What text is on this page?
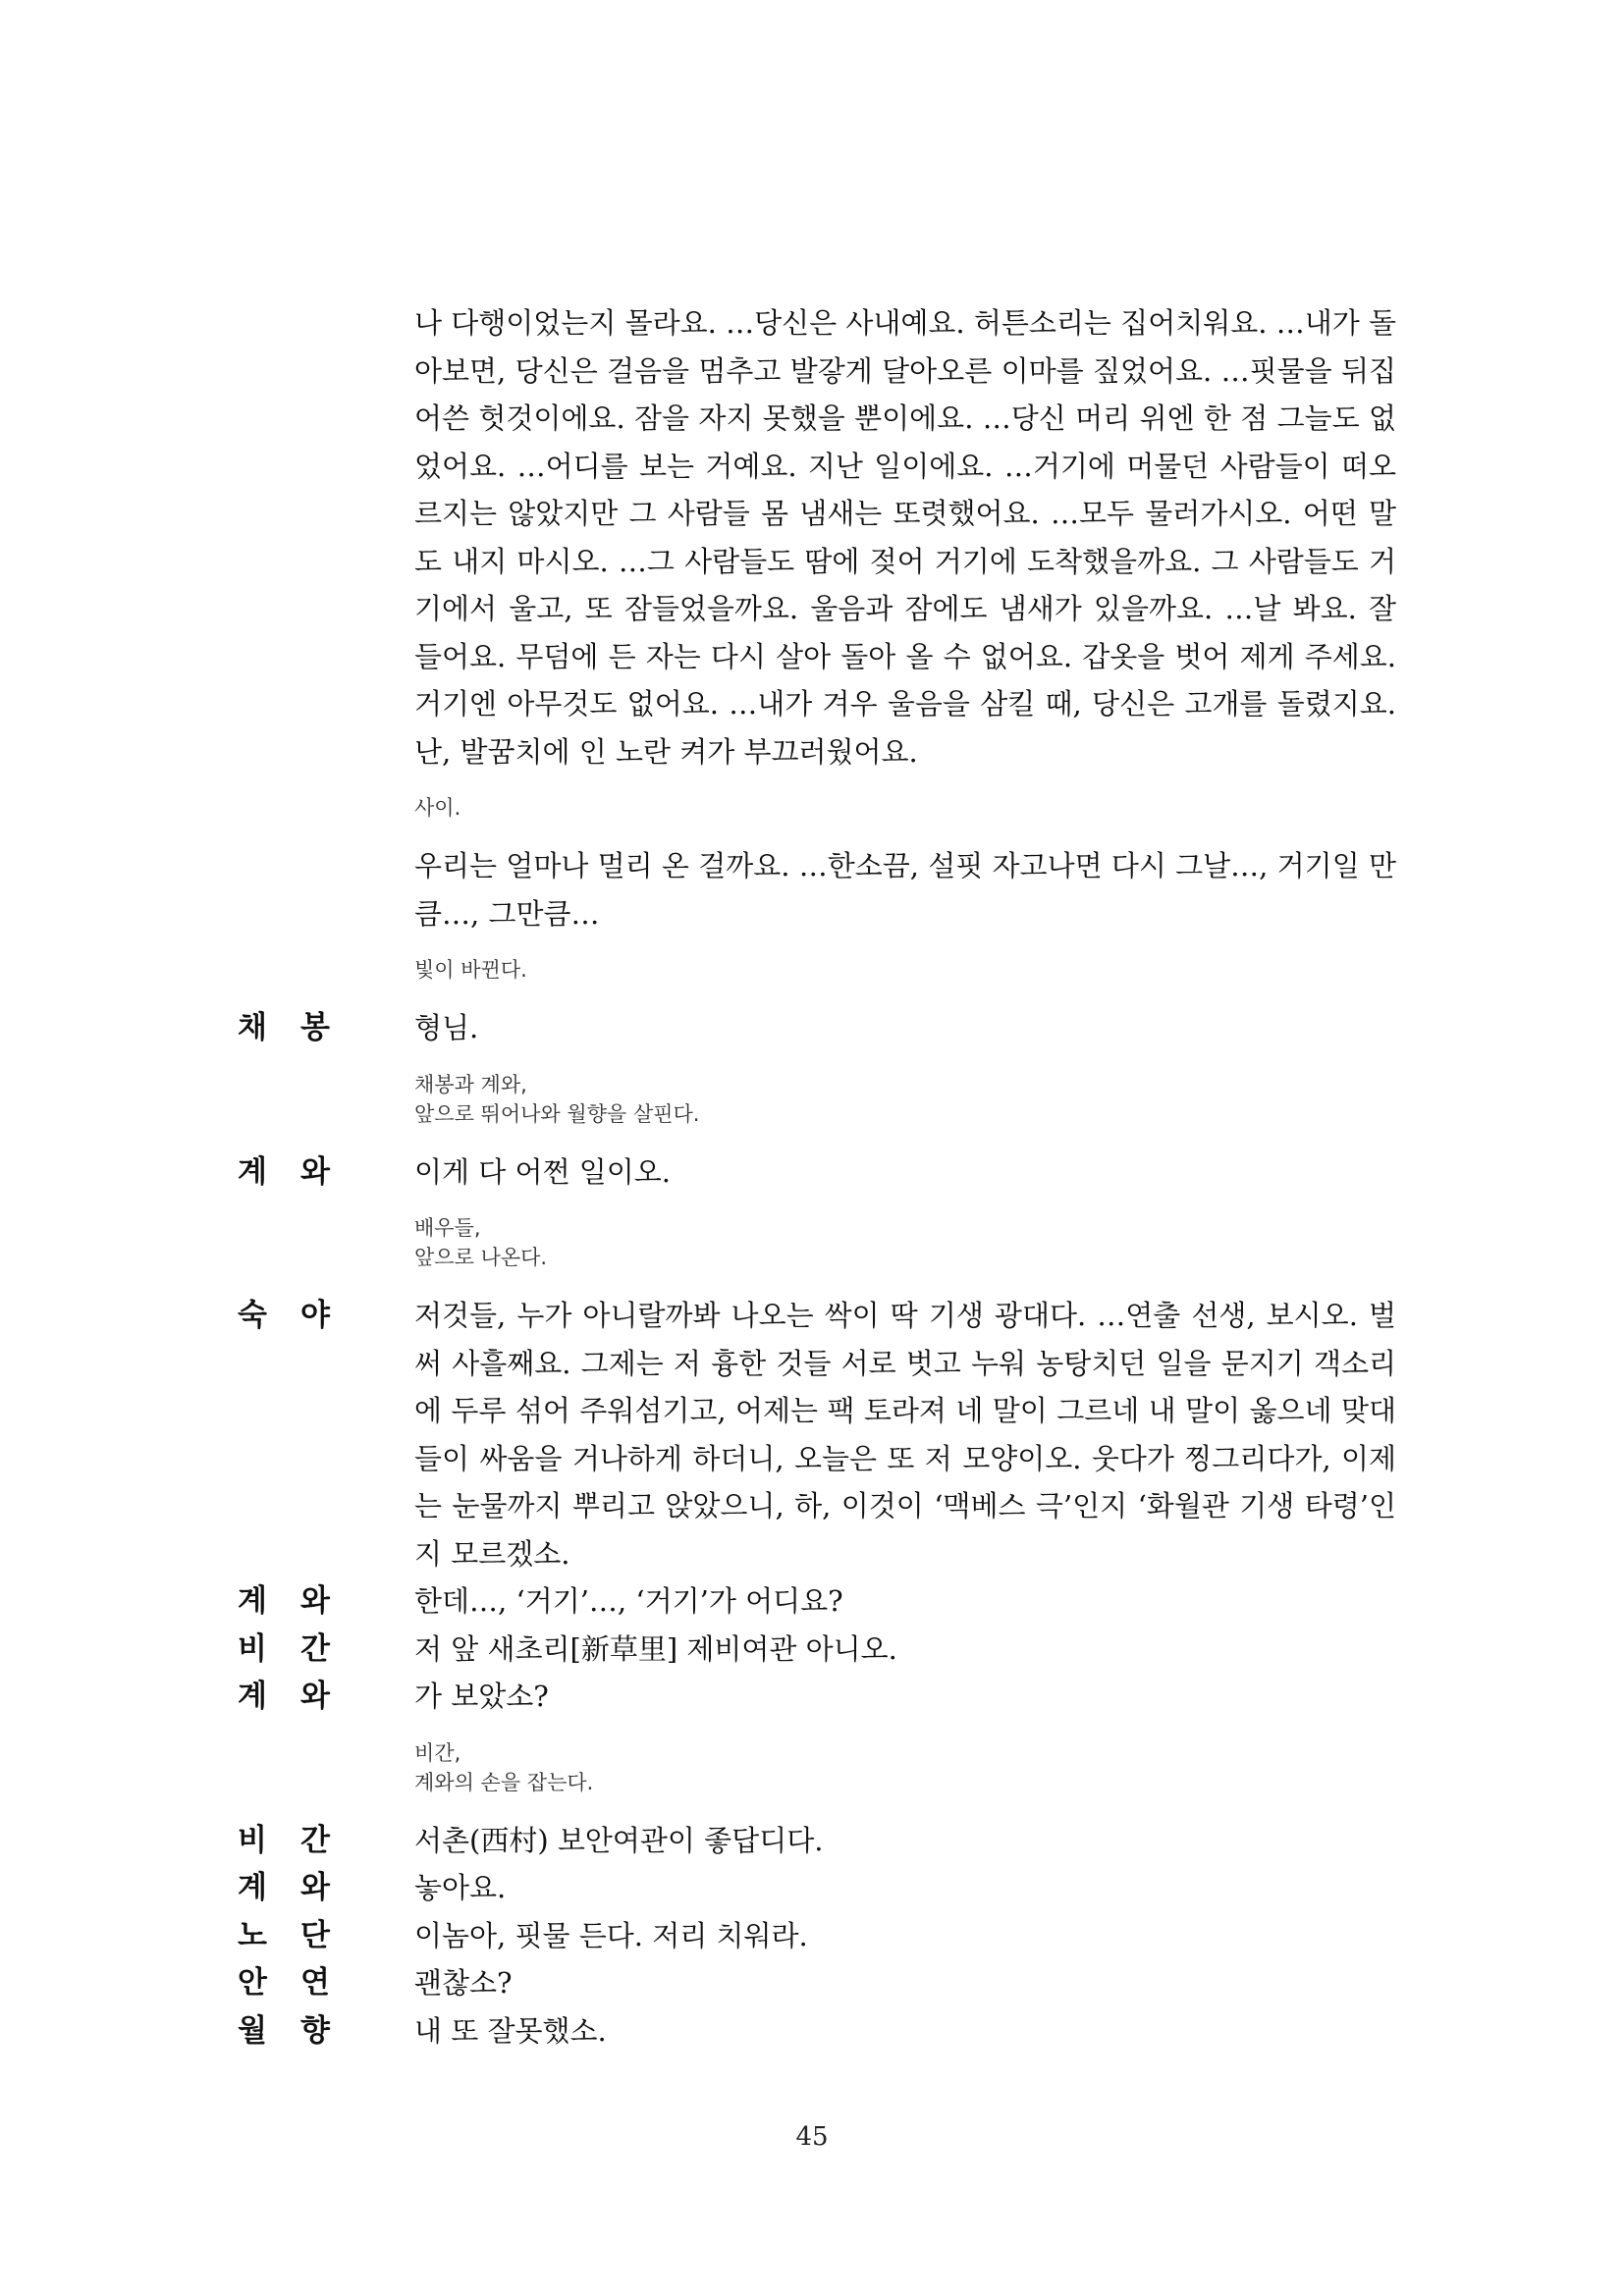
나 다행이었는지 몰라요. …당신은 사내예요. 허튼소리는 집어치워요. …내가 돌아보면, 당신은 걸음을 멈추고 발갛게 달아오른 이마를 짚었어요. …핏물을 뒤집어쓴 헛것이에요. 잠을 자지 못했을 뿐이에요. …당신 머리 위엔 한 점 그늘도 없었어요. …어디를 보는 거예요. 지난 일이에요. …거기에 머물던 사람들이 떠오르지는 않았지만 그 사람들 몸 냄새는 또렷했어요. …모두 물러가시오. 어떤 말도 내지 마시오. …그 사람들도 땀에 젖어 거기에 도착했을까요. 그 사람들도 거기에서 울고, 또 잠들었을까요. 울음과 잠에도 냄새가 있을까요. …날 봐요. 잘 들어요. 무덤에 든 자는 다시 살아 돌아 올 수 없어요. 갑옷을 벗어 제게 주세요. 거기엔 아무것도 없어요. …내가 겨우 울음을 삼킬 때, 당신은 고개를 돌렸지요. 난, 발꿈치에 인 노란 켜가 부끄러웠어요.

사이.

우리는 얼마나 멀리 온 걸까요. …한소끔, 설핏 자고나면 다시 그날…, 거기일 만큼…, 그만큼…

빛이 바뀐다.
채봉	형님.

채봉과 계와,
앞으로 뛰어나와 월향을 살핀다.
계와	이게 다 어쩐 일이오.

배우들,
앞으로 나온다.
숙야	저것들, 누가 아니랄까봐 나오는 싹이 딱 기생 광대다. …연출 선생, 보시오. 벌써 사흘째요. 그제는 저 흉한 것들 서로 벗고 누워 농탕치던 일을 문지기 객소리에 두루 섞어 주워섬기고, 어제는 팩 토라져 네 말이 그르네 내 말이 옳으네 맞대들이 싸움을 거나하게 하더니, 오늘은 또 저 모양이오. 웃다가 찡그리다가, 이제는 눈물까지 뿌리고 앉았으니, 하, 이것이 ‘맥베스 극’인지 ‘화월관 기생 타령’인지 모르겠소.

계와	한데…, ‘거기’…, ‘거기’가 어디요?

비간	저 앞 새초리[新草里] 제비여관 아니오.

계와	가 보았소?

비간,
계와의 손을 잡는다.
비간	서촌(西村) 보안여관이 좋답디다.

계와	놓아요.

노단	이놈아, 핏물 든다. 저리 치워라.

안연	괜찮소?

월향	내 또 잘못했소.

45
